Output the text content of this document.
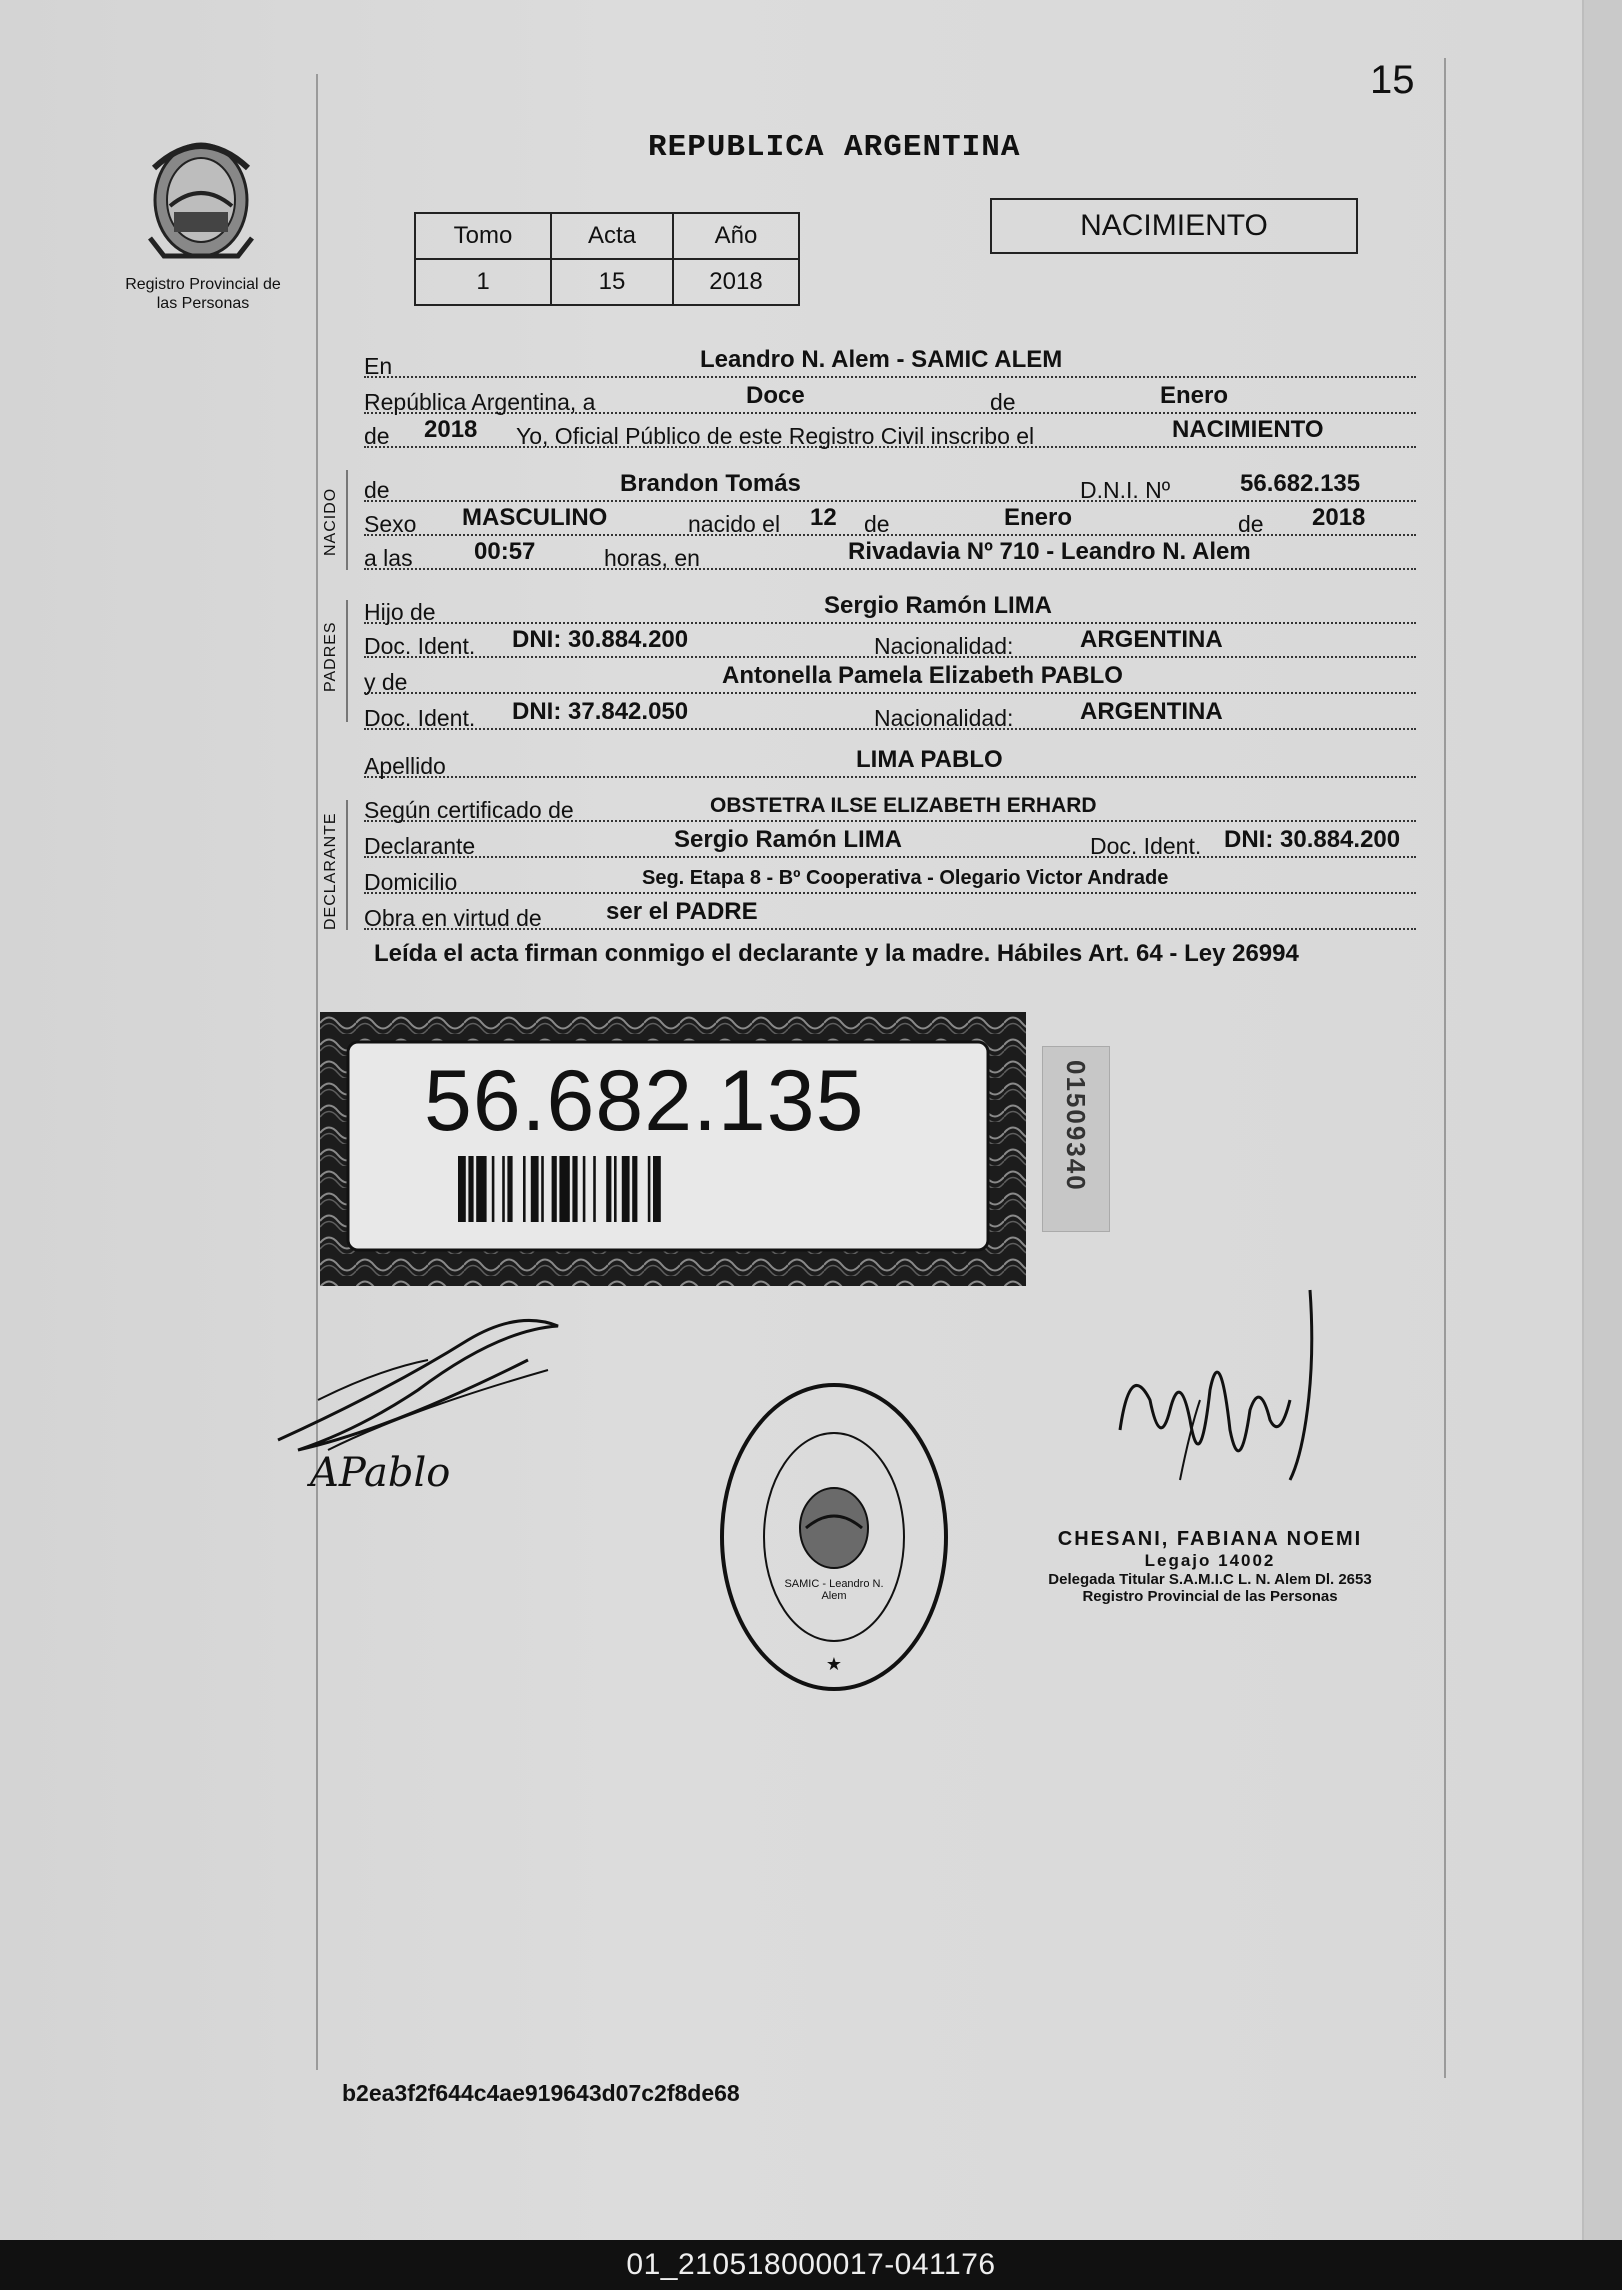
15
Registro Provincial de las Personas
REPUBLICA ARGENTINA
Tomo	Acta	Año
1	15	2018
NACIMIENTO
NACIDO
PADRES
DECLARANTE
En	Leandro N. Alem - SAMIC ALEM
República Argentina, a	Doce	de	Enero
de 2018 Yo, Oficial Público de este Registro Civil inscribo el	NACIMIENTO
de	Brandon Tomás	D.N.I. Nº	56.682.135
Sexo MASCULINO	nacido el 12 de	Enero	de 2018
a las	00:57	horas, en	Rivadavia Nº 710 - Leandro N. Alem
Hijo de	Sergio Ramón LIMA
Doc. Ident. DNI: 30.884.200	Nacionalidad:	ARGENTINA
y de	Antonella Pamela Elizabeth PABLO
Doc. Ident. DNI: 37.842.050	Nacionalidad:	ARGENTINA
Apellido	LIMA PABLO
Según certificado de	OBSTETRA ILSE ELIZABETH ERHARD
Declarante	Sergio Ramón LIMA	Doc. Ident. DNI: 30.884.200
Domicilio	Seg. Etapa 8 - Bº Cooperativa - Olegario Victor Andrade
Obra en virtud de	ser el PADRE
Leída el acta firman conmigo el declarante y la madre. Hábiles Art. 64 - Ley 26994
56.682.135	01509340
APablo
★
SAMIC - Leandro N. Alem
CHESANI, FABIANA NOEMI
Legajo 14002
Delegada Titular S.A.M.I.C L. N. Alem Dl. 2653
Registro Provincial de las Personas
b2ea3f2f644c4ae919643d07c2f8de68
01_210518000017-041176
